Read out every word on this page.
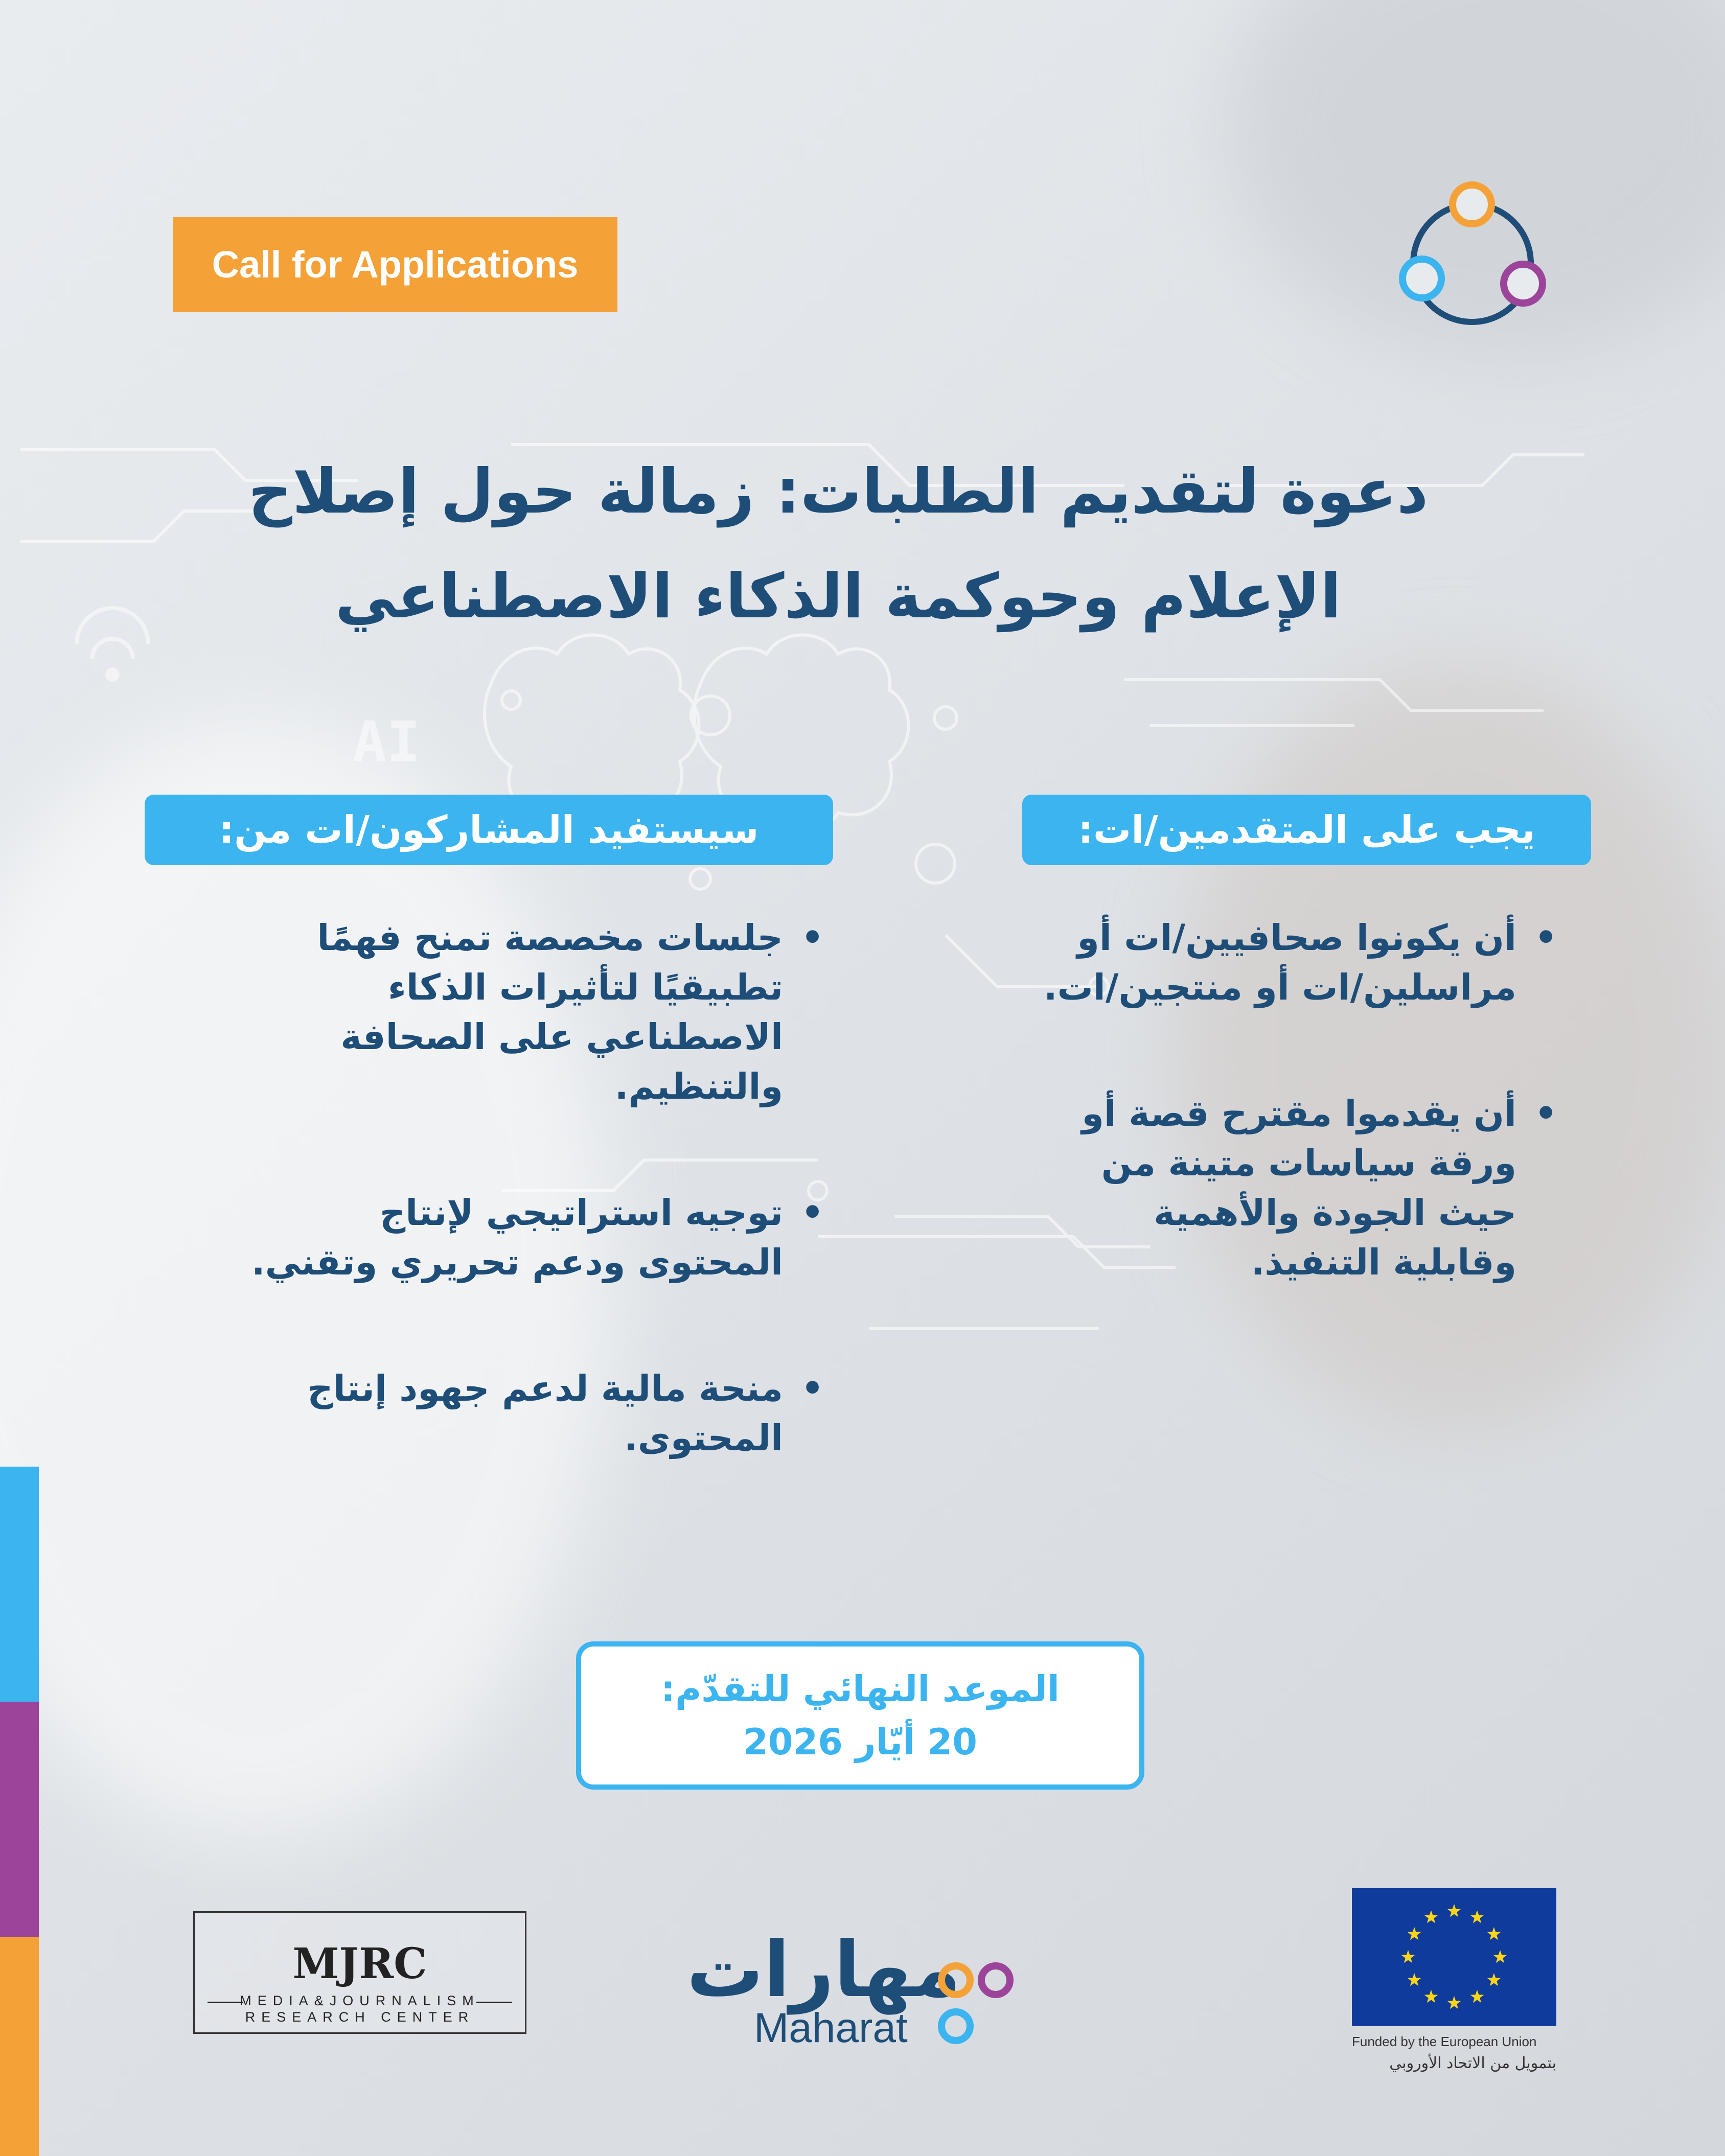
AI
Call for Applications
دعوة لتقديم الطلبات: زمالة حول إصلاح
الإعلام وحوكمة الذكاء الاصطناعي
يجب على المتقدمين/ات:
سيستفيد المشاركون/ات من:
•
أن يكونوا صحافيين/ات أو
مراسلين/ات أو منتجين/ات.
•
أن يقدموا مقترح قصة أو
ورقة سياسات متينة من
حيث الجودة والأهمية
وقابلية التنفيذ.
•
جلسات مخصصة تمنح فهمًا
تطبيقيًا لتأثيرات الذكاء
الاصطناعي على الصحافة
والتنظيم.
•
توجيه استراتيجي لإنتاج
المحتوى ودعم تحريري وتقني.
•
منحة مالية لدعم جهود إنتاج
المحتوى.
الموعد النهائي للتقدّم:
20 أيّار 2026
MJRC
MEDIA&JOURNALISM
RESEARCH CENTER
مهارات
Maharat	Funded by the European Union
بتمويل من الاتحاد الأوروبي
